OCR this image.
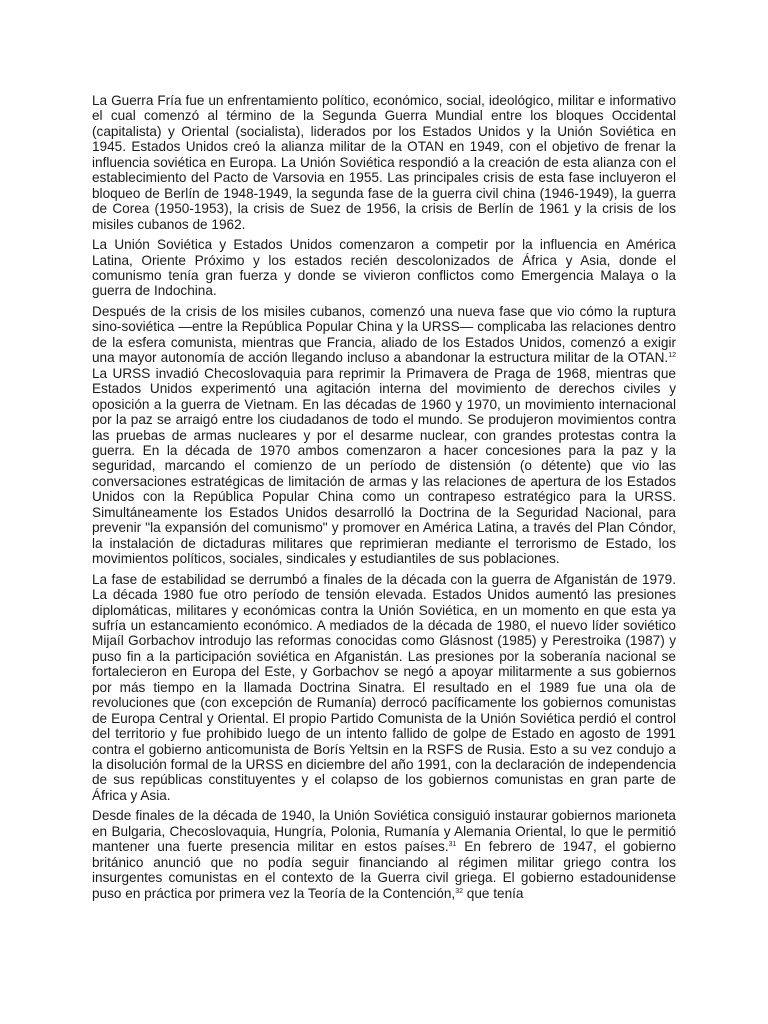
La Guerra Fría fue un enfrentamiento político, económico, social, ideológico, militar e informativo el cual comenzó al término de la Segunda Guerra Mundial entre los bloques Occidental (capitalista) y Oriental (socialista), liderados por los Estados Unidos y la Unión Soviética en 1945. Estados Unidos creó la alianza militar de la OTAN en 1949, con el objetivo de frenar la influencia soviética en Europa. La Unión Soviética respondió a la creación de esta alianza con el establecimiento del Pacto de Varsovia en 1955. Las principales crisis de esta fase incluyeron el bloqueo de Berlín de 1948-1949, la segunda fase de la guerra civil china (1946-1949), la guerra de Corea (1950-1953), la crisis de Suez de 1956, la crisis de Berlín de 1961 y la crisis de los misiles cubanos de 1962.

La Unión Soviética y Estados Unidos comenzaron a competir por la influencia en América Latina, Oriente Próximo y los estados recién descolonizados de África y Asia, donde el comunismo tenía gran fuerza y donde se vivieron conflictos como Emergencia Malaya o la guerra de Indochina.

Después de la crisis de los misiles cubanos, comenzó una nueva fase que vio cómo la ruptura sino-soviética —entre la República Popular China y la URSS— complicaba las relaciones dentro de la esfera comunista, mientras que Francia, aliado de los Estados Unidos, comenzó a exigir una mayor autonomía de acción llegando incluso a abandonar la estructura militar de la OTAN.$^{12}$ La URSS invadió Checoslovaquia para reprimir la Primavera de Praga de 1968, mientras que Estados Unidos experimentó una agitación interna del movimiento de derechos civiles y oposición a la guerra de Vietnam. En las décadas de 1960 y 1970, un movimiento internacional por la paz se arraigó entre los ciudadanos de todo el mundo. Se produjeron movimientos contra las pruebas de armas nucleares y por el desarme nuclear, con grandes protestas contra la guerra. En la década de 1970 ambos comenzaron a hacer concesiones para la paz y la seguridad, marcando el comienzo de un período de distensión (o détente) que vio las conversaciones estratégicas de limitación de armas y las relaciones de apertura de los Estados Unidos con la República Popular China como un contrapeso estratégico para la URSS. Simultáneamente los Estados Unidos desarrolló la Doctrina de la Seguridad Nacional, para prevenir "la expansión del comunismo" y promover en América Latina, a través del Plan Cóndor, la instalación de dictaduras militares que reprimieran mediante el terrorismo de Estado, los movimientos políticos, sociales, sindicales y estudiantiles de sus poblaciones.

La fase de estabilidad se derrumbó a finales de la década con la guerra de Afganistán de 1979. La década 1980 fue otro período de tensión elevada. Estados Unidos aumentó las presiones diplomáticas, militares y económicas contra la Unión Soviética, en un momento en que esta ya sufría un estancamiento económico. A mediados de la década de 1980, el nuevo líder soviético Mijaíl Gorbachov introdujo las reformas conocidas como Glásnost (1985) y Perestroika (1987) y puso fin a la participación soviética en Afganistán. Las presiones por la soberanía nacional se fortalecieron en Europa del Este, y Gorbachov se negó a apoyar militarmente a sus gobiernos por más tiempo en la llamada Doctrina Sinatra. El resultado en el 1989 fue una ola de revoluciones que (con excepción de Rumanía) derrocó pacíficamente los gobiernos comunistas de Europa Central y Oriental. El propio Partido Comunista de la Unión Soviética perdió el control del territorio y fue prohibido luego de un intento fallido de golpe de Estado en agosto de 1991 contra el gobierno anticomunista de Borís Yeltsin en la RSFS de Rusia. Esto a su vez condujo a la disolución formal de la URSS en diciembre del año 1991, con la declaración de independencia de sus repúblicas constituyentes y el colapso de los gobiernos comunistas en gran parte de África y Asia.

Desde finales de la década de 1940, la Unión Soviética consiguió instaurar gobiernos marioneta en Bulgaria, Checoslovaquia, Hungría, Polonia, Rumanía y Alemania Oriental, lo que le permitió mantener una fuerte presencia militar en estos países.$^{31}$ En febrero de 1947, el gobierno británico anunció que no podía seguir financiando al régimen militar griego contra los insurgentes comunistas en el contexto de la Guerra civil griega. El gobierno estadounidense puso en práctica por primera vez la Teoría de la Contención,$^{32}$ que tenía
